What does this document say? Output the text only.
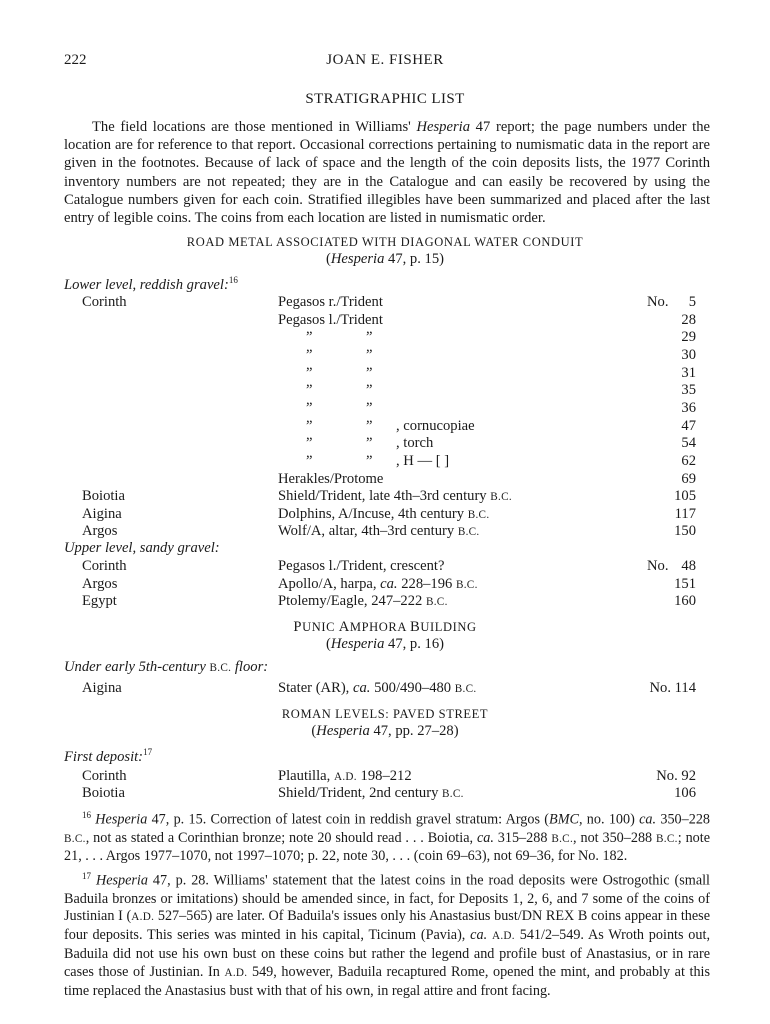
222	JOAN E. FISHER
STRATIGRAPHIC LIST

The field locations are those mentioned in Williams' Hesperia 47 report; the page numbers under the location are for reference to that report. Occasional corrections pertaining to numismatic data in the report are given in the footnotes. Because of lack of space and the length of the coin deposits lists, the 1977 Corinth inventory numbers are not repeated; they are in the Catalogue and can easily be recovered by using the Catalogue numbers given for each coin. Stratified illegibles have been summarized and placed after the last entry of legible coins. The coins from each location are listed in numismatic order.

ROAD METAL ASSOCIATED WITH DIAGONAL WATER CONDUIT
(Hesperia 47, p. 15)
Lower level, reddish gravel:$^{16}$
Corinth	Pegasos r./Trident	No. 5
Pegasos l./Trident	28
”	”	29
”	”	30
”	”	31
”	”	35
”	”	36
”	” , cornucopiae	47
”	” , torch	54
”	” , H — [ ]	62
Herakles/Protome	69
Boiotia	Shield/Trident, late 4th–3rd century B.C.	105
Aigina	Dolphins, A/Incuse, 4th century B.C.	117
Argos	Wolf/A, altar, 4th–3rd century B.C.	150
Upper level, sandy gravel:
Corinth	Pegasos l./Trident, crescent?	No. 48
Argos	Apollo/A, harpa, ca. 228–196 B.C.	151
Egypt	Ptolemy/Eagle, 247–222 B.C.	160
PUNIC AMPHORA BUILDING
(Hesperia 47, p. 16)
Under early 5th-century B.C. floor:
Aigina	Stater (AR), ca. 500/490–480 B.C.	No. 114
ROMAN LEVELS: PAVED STREET
(Hesperia 47, pp. 27–28)
First deposit:$^{17}$
Corinth	Plautilla, A.D. 198–212	No. 92
Boiotia	Shield/Trident, 2nd century B.C.	106

$^{16}$ Hesperia 47, p. 15. Correction of latest coin in reddish gravel stratum: Argos (BMC, no. 100) ca. 350–228 B.C., not as stated a Corinthian bronze; note 20 should read . . . Boiotia, ca. 315–288 B.C., not 350–288 B.C.; note 21, . . . Argos 1977–1070, not 1997–1070; p. 22, note 30, . . . (coin 69–63), not 69–36, for No. 182.

$^{17}$ Hesperia 47, p. 28. Williams' statement that the latest coins in the road deposits were Ostrogothic (small Baduila bronzes or imitations) should be amended since, in fact, for Deposits 1, 2, 6, and 7 some of the coins of Justinian I (A.D. 527–565) are later. Of Baduila's issues only his Anastasius bust/DN REX B coins appear in these four deposits. This series was minted in his capital, Ticinum (Pavia), ca. A.D. 541/2–549. As Wroth points out, Baduila did not use his own bust on these coins but rather the legend and profile bust of Anastasius, or in rare cases those of Justinian. In A.D. 549, however, Baduila recaptured Rome, opened the mint, and probably at this time replaced the Anastasius bust with that of his own, in regal attire and front facing.
